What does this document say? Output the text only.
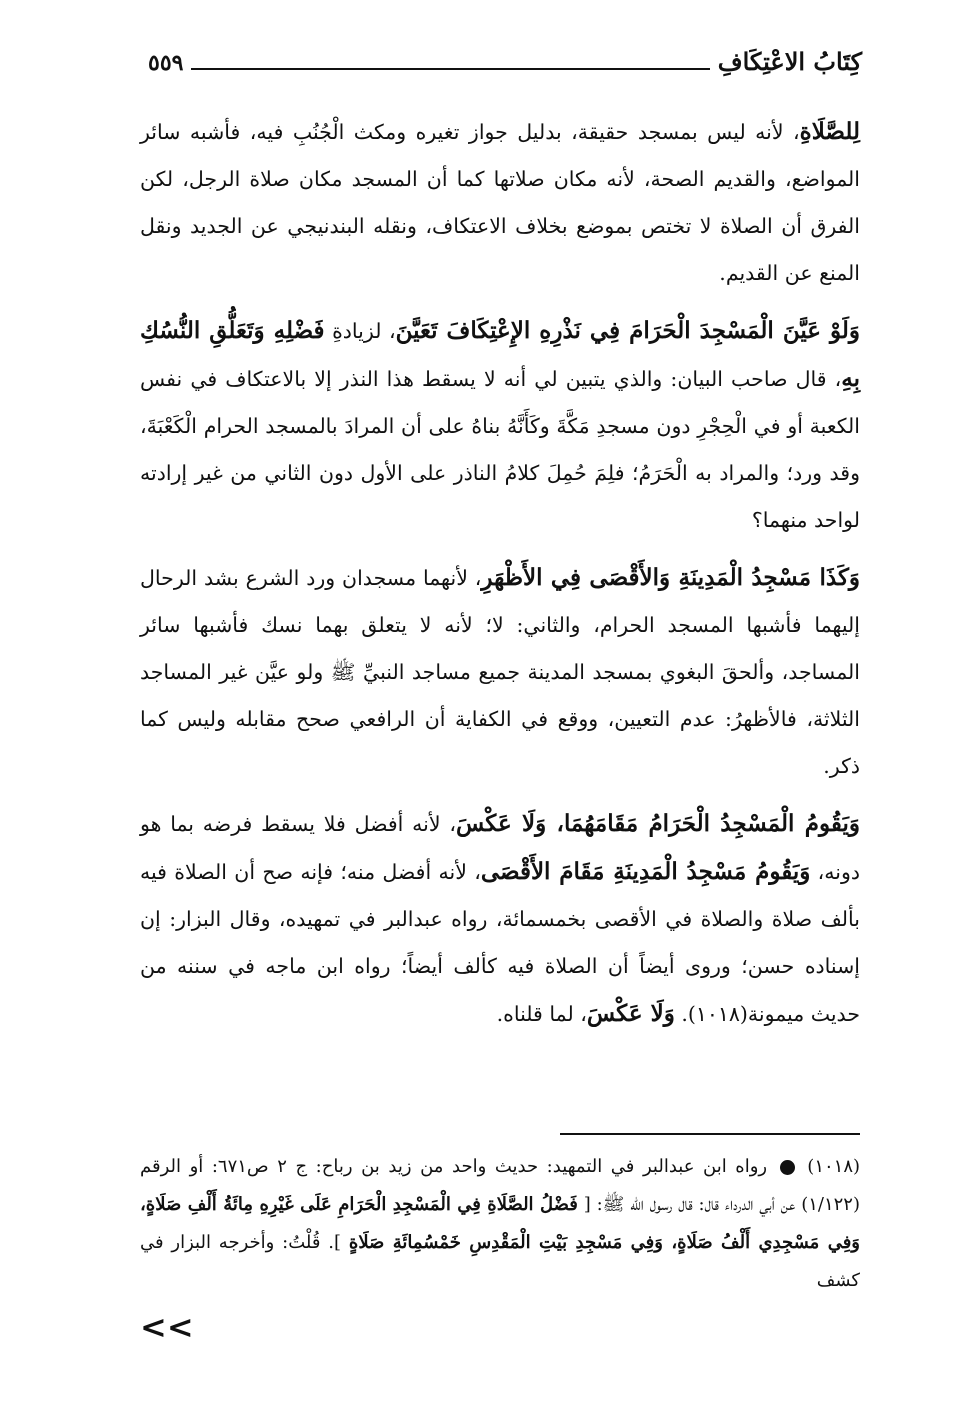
٥٥٩	كِتَابُ الاعْتِكَافِ

لِلصَّلَاةِ، لأنه ليس بمسجد حقيقة، بدليل جواز تغيره ومكث الْجُنُبِ فيه، فأشبه سائر المواضع، والقديم الصحة، لأنه مكان صلاتها كما أن المسجد مكان صلاة الرجل، لكن الفرق أن الصلاة لا تختص بموضع بخلاف الاعتكاف، ونقله البندنيجي عن الجديد ونقل المنع عن القديم.

وَلَوْ عَيَّنَ الْمَسْجِدَ الْحَرَامَ فِي نَذْرِهِ الإِعْتِكَافَ تَعَيَّنَ، لزيادةِ فَضْلِهِ وَتَعَلُّقِ النُّسُكِ بِهِ، قال صاحب البيان: والذي يتبين لي أنه لا يسقط هذا النذر إلا بالاعتكاف في نفس الكعبة أو في الْحِجْرِ دون مسجدِ مَكَّةَ وكَأَنَّهُ بناهُ على أن المرادَ بالمسجد الحرام الْكَعْبَةَ، وقد ورد؛ والمراد به الْحَرَمُ؛ فلِمَ حُمِلَ كلامُ الناذر على الأول دون الثاني من غير إرادته لواحد منهما؟

وَكَذَا مَسْجِدُ الْمَدِينَةِ وَالأَقْصَى فِي الأَظْهَرِ، لأنهما مسجدان ورد الشرع بشد الرحال إليهما فأشبها المسجد الحرام، والثاني: لا؛ لأنه لا يتعلق بهما نسك فأشبها سائر المساجد، وألحقَ البغوي بمسجد المدينة جميع مساجد النبيِّ ﷺ ولو عيَّن غير المساجد الثلاثة، فالأظهرُ: عدم التعيين، ووقع في الكفاية أن الرافعي صحح مقابله وليس كما ذكر.

وَيَقُومُ الْمَسْجِدُ الْحَرَامُ مَقَامَهُمَا، وَلَا عَكْسَ، لأنه أفضل فلا يسقط فرضه بما هو دونه، وَيَقُومُ مَسْجِدُ الْمَدِينَةِ مَقَامَ الأَقْصَى، لأنه أفضل منه؛ فإنه صح أن الصلاة فيه بألف صلاة والصلاة في الأقصى بخمسمائة، رواه عبدالبر في تمهيده، وقال البزار: إن إسناده حسن؛ وروى أيضاً أن الصلاة فيه كألف أيضاً؛ رواه ابن ماجه في سننه من حديث ميمونة(١٠١٨). وَلَا عَكْسَ، لما قلناه.

(١٠١٨)  رواه ابن عبدالبر في التمهيد: حديث واحد من زيد بن رباح: ج ٢ ص٦٧١: أو الرقم (١/١٢٢) عن أبي الدرداء قال: قال رسول الله ﷺ: [ فَضْلُ الصَّلَاةِ فِي الْمَسْجِدِ الْحَرَامِ عَلَى غَيْرِهِ مِائَةُ أَلْفِ صَلَاةٍ، وَفِي مَسْجِدِي أَلْفُ صَلَاةٍ، وَفِي مَسْجِدِ بَيْتِ الْمَقْدِسِ خَمْسُمِائَةِ صَلَاةٍ ]. قُلْتُ: وأخرجه البزار في كشف
<<
